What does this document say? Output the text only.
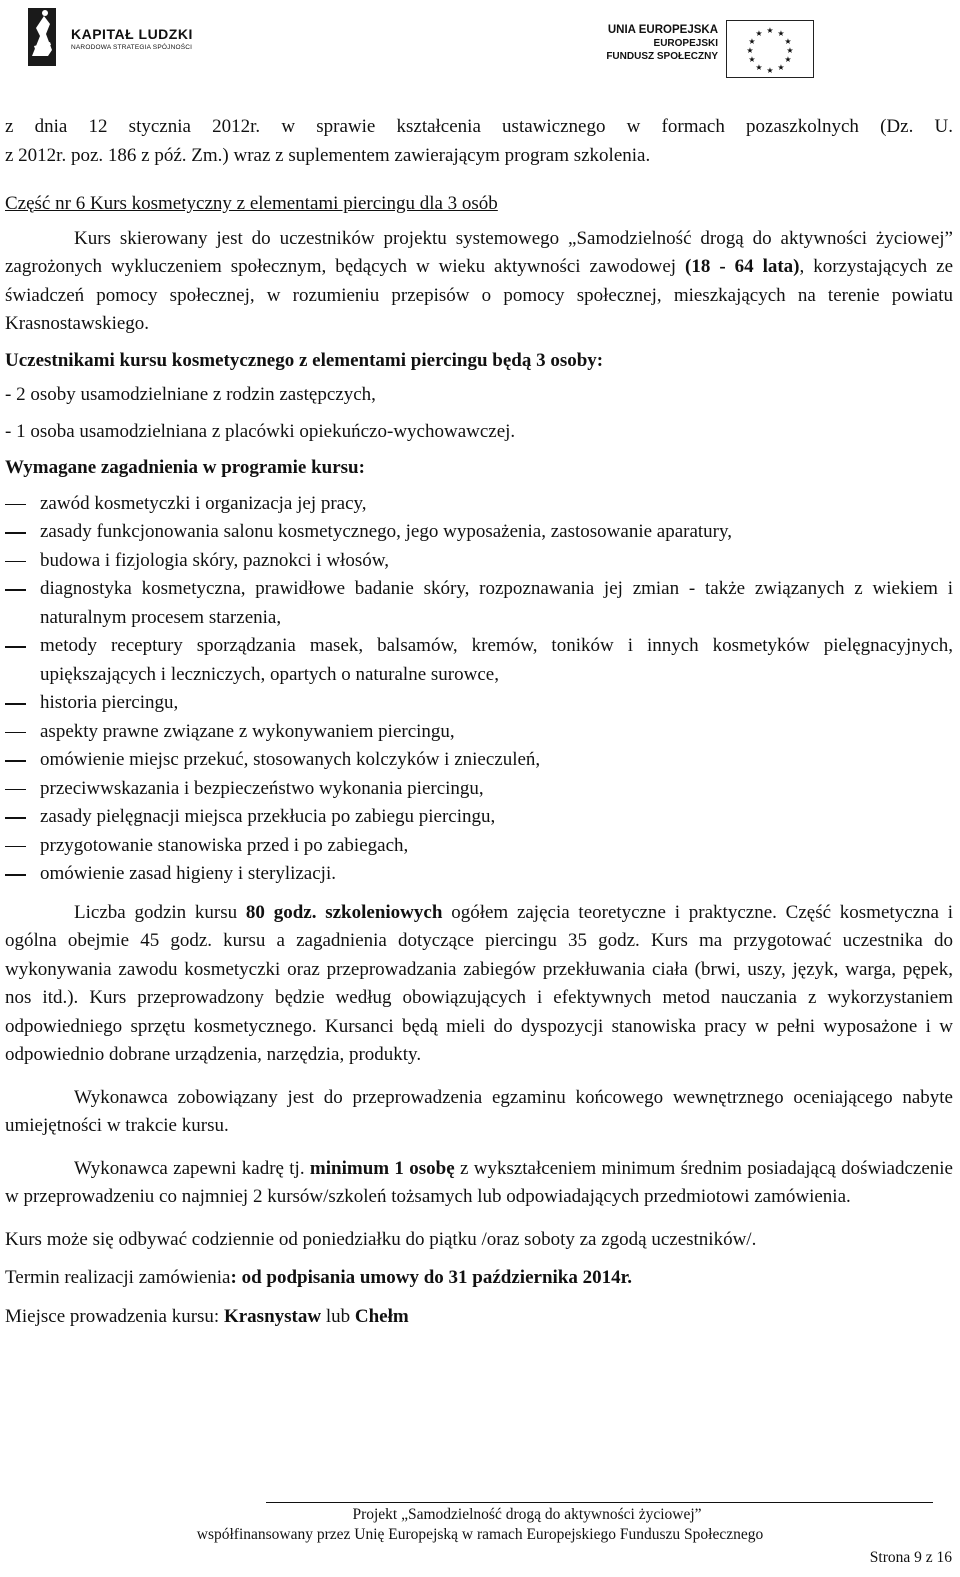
KAPITAŁ LUDZKI
NARODOWA STRATEGIA SPÓJNOŚCI
UNIA EUROPEJSKA
EUROPEJSKI
FUNDUSZ SPOŁECZNY
★ ★
★
★
★
★
★
★
★
★
★
★

z dnia 12 stycznia 2012r. w sprawie kształcenia ustawicznego w formach pozaszkolnych (Dz. U.

z 2012r. poz. 186 z póź. Zm.) wraz z suplementem zawierającym program szkolenia.

Część nr 6 Kurs kosmetyczny z elementami piercingu dla 3 osób

Kurs skierowany jest do uczestników projektu systemowego „Samodzielność drogą do aktywności życiowej” zagrożonych wykluczeniem społecznym, będących w wieku aktywności zawodowej (18 - 64 lata), korzystających ze świadczeń pomocy społecznej, w rozumieniu przepisów o pomocy społecznej, mieszkających na terenie powiatu Krasnostawskiego.

Uczestnikami kursu kosmetycznego z elementami piercingu będą 3 osoby:

- 2 osoby usamodzielniane z rodzin zastępczych,

- 1 osoba usamodzielniana z placówki opiekuńczo-wychowawczej.

Wymagane zagadnienia w programie kursu:

zawód kosmetyczki i organizacja jej pracy,
zasady funkcjonowania salonu kosmetycznego, jego wyposażenia, zastosowanie aparatury,
budowa i fizjologia skóry, paznokci i włosów,
diagnostyka kosmetyczna, prawidłowe badanie skóry, rozpoznawania jej zmian - także związanych z wiekiem i naturalnym procesem starzenia,
metody receptury sporządzania masek, balsamów, kremów, toników i innych kosmetyków pielęgnacyjnych, upiększających i leczniczych, opartych o naturalne surowce,
historia piercingu,
aspekty prawne związane z wykonywaniem piercingu,
omówienie miejsc przekuć, stosowanych kolczyków i znieczuleń,
przeciwwskazania i bezpieczeństwo wykonania piercingu,
zasady pielęgnacji miejsca przekłucia po zabiegu piercingu,
przygotowanie stanowiska przed i po zabiegach,
omówienie zasad higieny i sterylizacji.

Liczba godzin kursu 80 godz. szkoleniowych ogółem zajęcia teoretyczne i praktyczne. Część kosmetyczna i ogólna obejmie 45 godz. kursu a zagadnienia dotyczące piercingu 35 godz. Kurs ma przygotować uczestnika do wykonywania zawodu kosmetyczki oraz przeprowadzania zabiegów przekłuwania ciała (brwi, uszy, język, warga, pępek, nos itd.). Kurs przeprowadzony będzie według obowiązujących i efektywnych metod nauczania z wykorzystaniem odpowiedniego sprzętu kosmetycznego. Kursanci będą mieli do dyspozycji stanowiska pracy w pełni wyposażone i w odpowiednio dobrane urządzenia, narzędzia, produkty.

Wykonawca zobowiązany jest do przeprowadzenia egzaminu końcowego wewnętrznego oceniającego nabyte umiejętności w trakcie kursu.

Wykonawca zapewni kadrę tj. minimum 1 osobę z wykształceniem minimum średnim posiadającą doświadczenie w przeprowadzeniu co najmniej 2 kursów/szkoleń tożsamych lub odpowiadających przedmiotowi zamówienia.

Kurs może się odbywać codziennie od poniedziałku do piątku /oraz soboty za zgodą uczestników/.

Termin realizacji zamówienia: od podpisania umowy do 31 października 2014r.

Miejsce prowadzenia kursu: Krasnystaw lub Chełm

Projekt „Samodzielność drogą do aktywności życiowej”
współfinansowany przez Unię Europejską w ramach Europejskiego Funduszu Społecznego
Strona 9 z 16
